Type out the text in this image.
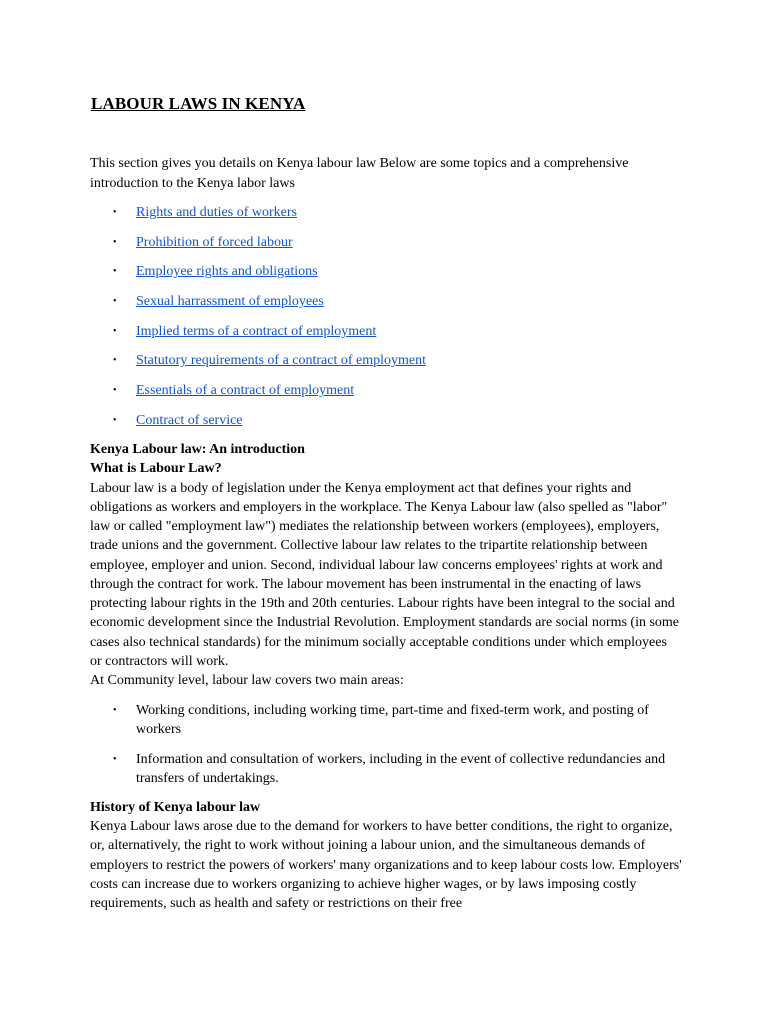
LABOUR LAWS IN KENYA

This section gives you details on Kenya labour law Below are some topics and a comprehensive introduction to the Kenya labor laws

• Rights and duties of workers
• Prohibition of forced labour
• Employee rights and obligations
• Sexual harrassment of employees
• Implied terms of a contract of employment
• Statutory requirements of a contract of employment
• Essentials of a contract of employment
• Contract of service
Kenya Labour law: An introduction
What is Labour Law?
Labour law is a body of legislation under the Kenya employment act that defines your rights and obligations as workers and employers in the workplace. The Kenya Labour law (also spelled as "labor" law or called "employment law") mediates the relationship between workers (employees), employers, trade unions and the government. Collective labour law relates to the tripartite relationship between employee, employer and union. Second, individual labour law concerns employees' rights at work and through the contract for work. The labour movement has been instrumental in the enacting of laws protecting labour rights in the 19th and 20th centuries. Labour rights have been integral to the social and economic development since the Industrial Revolution. Employment standards are social norms (in some cases also technical standards) for the minimum socially acceptable conditions under which employees or contractors will work.
At Community level, labour law covers two main areas:
• Working conditions, including working time, part-time and fixed-term work, and posting of workers
• Information and consultation of workers, including in the event of collective redundancies and transfers of undertakings.
History of Kenya labour law
Kenya Labour laws arose due to the demand for workers to have better conditions, the right to organize, or, alternatively, the right to work without joining a labour union, and the simultaneous demands of employers to restrict the powers of workers' many organizations and to keep labour costs low. Employers' costs can increase due to workers organizing to achieve higher wages, or by laws imposing costly requirements, such as health and safety or restrictions on their free
